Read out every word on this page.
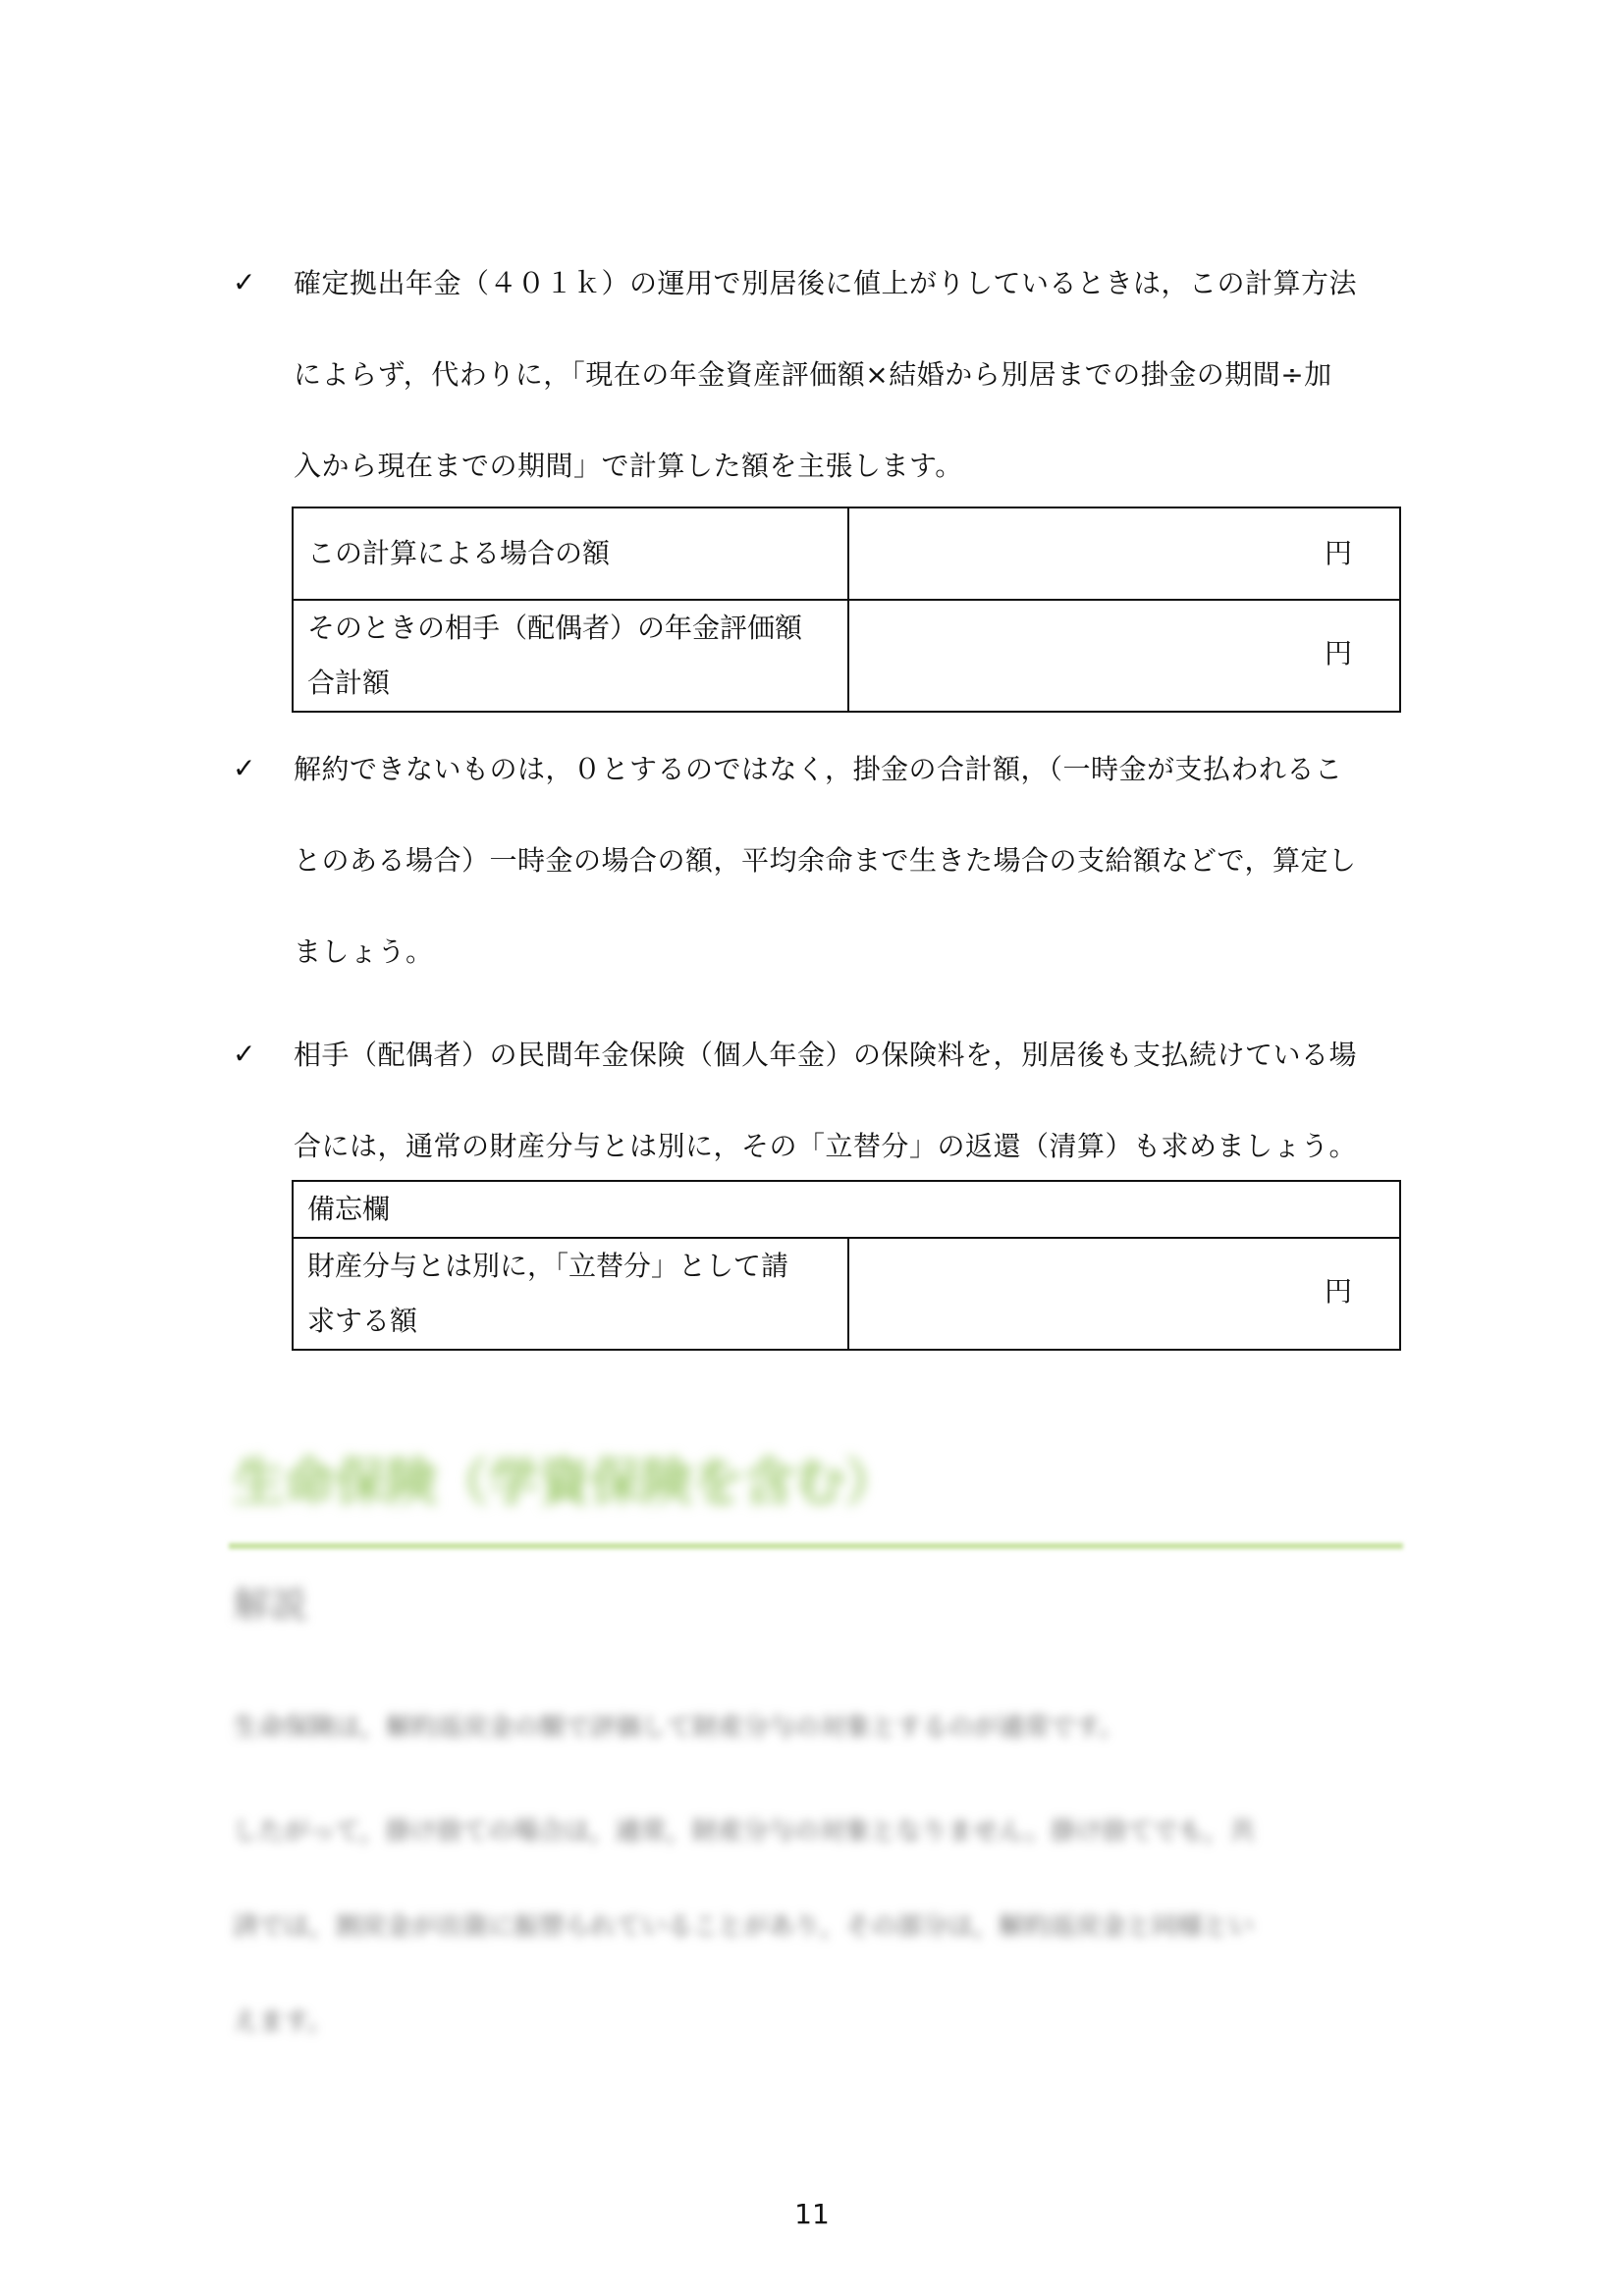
✓ 確定拠出年金（４０１ｋ）の運用で別居後に値上がりしているときは，この計算方法

によらず，代わりに，「現在の年金資産評価額×結婚から別居までの掛金の期間÷加

入から現在までの期間」で計算した額を主張します。

この計算による場合の額	円
そのときの相手（配偶者）の年金評価額
合計額	円
✓ 解約できないものは，０とするのではなく，掛金の合計額，（一時金が支払われるこ

とのある場合）一時金の場合の額，平均余命まで生きた場合の支給額などで，算定し

ましょう。

✓ 相手（配偶者）の民間年金保険（個人年金）の保険料を，別居後も支払続けている場

合には，通常の財産分与とは別に，その「立替分」の返還（清算）も求めましょう。

備忘欄
財産分与とは別に，「立替分」として請
求する額	円
生命保険（学資保険を含む）
解説

生命保険は，解約返戻金の額で評価して財産分与の対象とするのが通常です。

したがって，掛け捨ての場合は，通常，財産分与の対象となりません。掛け捨てでも，共

済では，割戻金が出資に振替られていることがあり，その部分は，解約返戻金と同様とい

えます。

11
